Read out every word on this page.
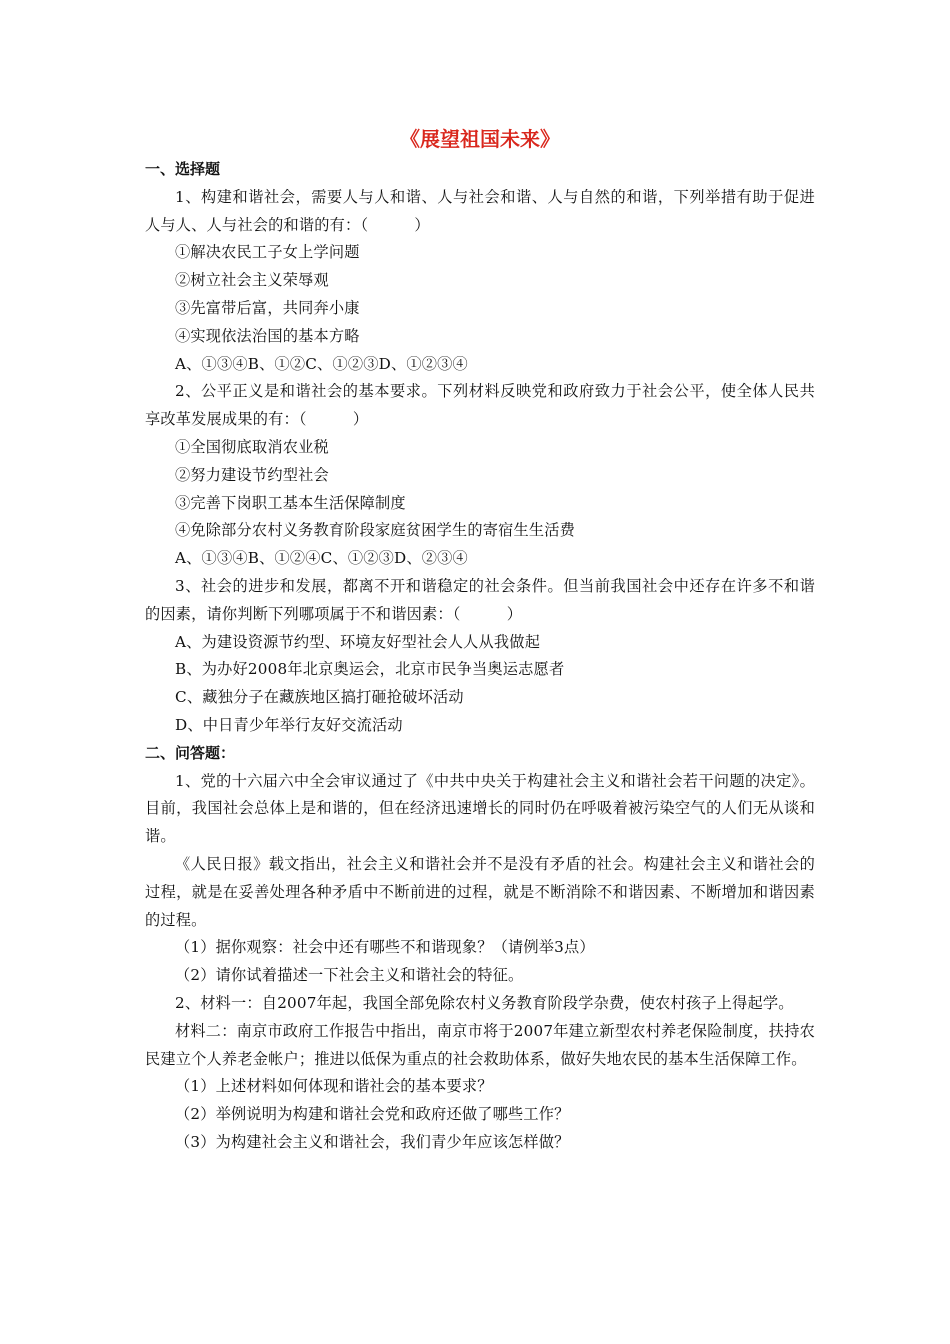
《展望祖国未来》
一、选择题

1、构建和谐社会，需要人与人和谐、人与社会和谐、人与自然的和谐，下列举措有助于促进人与人、人与社会的和谐的有：（　　　）

①解决农民工子女上学问题

②树立社会主义荣辱观

③先富带后富，共同奔小康

④实现依法治国的基本方略

A、①③④B、①②C、①②③D、①②③④

2、公平正义是和谐社会的基本要求。下列材料反映党和政府致力于社会公平，使全体人民共享改革发展成果的有：（　　　）

①全国彻底取消农业税

②努力建设节约型社会

③完善下岗职工基本生活保障制度

④免除部分农村义务教育阶段家庭贫困学生的寄宿生生活费

A、①③④B、①②④C、①②③D、②③④

3、社会的进步和发展，都离不开和谐稳定的社会条件。但当前我国社会中还存在许多不和谐的因素，请你判断下列哪项属于不和谐因素：（　　　）

A、为建设资源节约型、环境友好型社会人人从我做起

B、为办好2008年北京奥运会，北京市民争当奥运志愿者

C、藏独分子在藏族地区搞打砸抢破坏活动

D、中日青少年举行友好交流活动

二、问答题：

1、党的十六届六中全会审议通过了《中共中央关于构建社会主义和谐社会若干问题的决定》。目前，我国社会总体上是和谐的，但在经济迅速增长的同时仍在呼吸着被污染空气的人们无从谈和谐。

《人民日报》载文指出，社会主义和谐社会并不是没有矛盾的社会。构建社会主义和谐社会的过程，就是在妥善处理各种矛盾中不断前进的过程，就是不断消除不和谐因素、不断增加和谐因素的过程。

（1）据你观察：社会中还有哪些不和谐现象？（请例举3点）

（2）请你试着描述一下社会主义和谐社会的特征。

2、材料一：自2007年起，我国全部免除农村义务教育阶段学杂费，使农村孩子上得起学。

材料二：南京市政府工作报告中指出，南京市将于2007年建立新型农村养老保险制度，扶持农民建立个人养老金帐户；推进以低保为重点的社会救助体系，做好失地农民的基本生活保障工作。

（1）上述材料如何体现和谐社会的基本要求？

（2）举例说明为构建和谐社会党和政府还做了哪些工作？

（3）为构建社会主义和谐社会，我们青少年应该怎样做？
